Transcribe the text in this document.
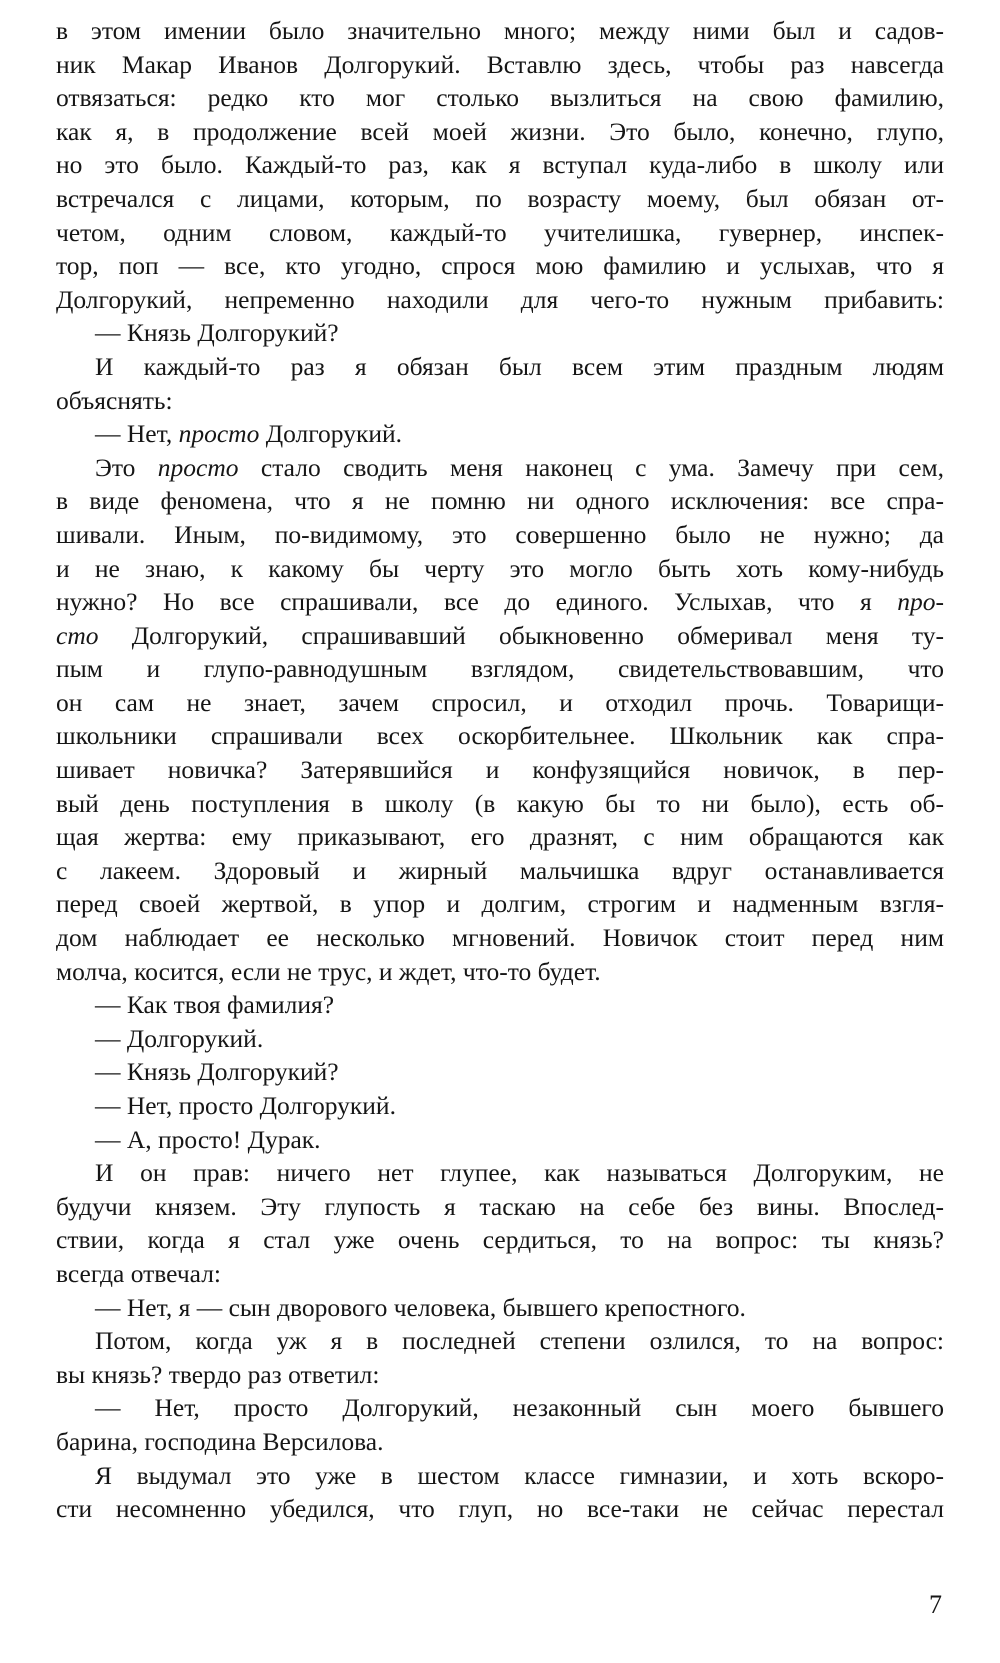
в этом имении было значительно много; между ними был и садов-
ник Макар Иванов Долгорукий. Вставлю здесь, чтобы раз навсегда
отвязаться: редко кто мог столько вызлиться на свою фамилию,
как я, в продолжение всей моей жизни. Это было, конечно, глупо,
но это было. Каждый-то раз, как я вступал куда-либо в школу или
встречался с лицами, которым, по возрасту моему, был обязан от-
четом, одним словом, каждый-то учителишка, гувернер, инспек-
тор, поп — все, кто угодно, спрося мою фамилию и услыхав, что я
Долгорукий, непременно находили для чего-то нужным прибавить:
— Князь Долгорукий?
И каждый-то раз я обязан был всем этим праздным людям
объяснять:
— Нет, просто Долгорукий.
Это просто стало сводить меня наконец с ума. Замечу при сем,
в виде феномена, что я не помню ни одного исключения: все спра-
шивали. Иным, по-видимому, это совершенно было не нужно; да
и не знаю, к какому бы черту это могло быть хоть кому-нибудь
нужно? Но все спрашивали, все до единого. Услыхав, что я про-
сто Долгорукий, спрашивавший обыкновенно обмеривал меня ту-
пым и глупо-равнодушным взглядом, свидетельствовавшим, что
он сам не знает, зачем спросил, и отходил прочь. Товарищи-
школьники спрашивали всех оскорбительнее. Школьник как спра-
шивает новичка? Затерявшийся и конфузящийся новичок, в пер-
вый день поступления в школу (в какую бы то ни было), есть об-
щая жертва: ему приказывают, его дразнят, с ним обращаются как
с лакеем. Здоровый и жирный мальчишка вдруг останавливается
перед своей жертвой, в упор и долгим, строгим и надменным взгля-
дом наблюдает ее несколько мгновений. Новичок стоит перед ним
молча, косится, если не трус, и ждет, что-то будет.
— Как твоя фамилия?
— Долгорукий.
— Князь Долгорукий?
— Нет, просто Долгорукий.
— А, просто! Дурак.
И он прав: ничего нет глупее, как называться Долгоруким, не
будучи князем. Эту глупость я таскаю на себе без вины. Впослед-
ствии, когда я стал уже очень сердиться, то на вопрос: ты князь?
всегда отвечал:
— Нет, я — сын дворового человека, бывшего крепостного.
Потом, когда уж я в последней степени озлился, то на вопрос:
вы князь? твердо раз ответил:
— Нет, просто Долгорукий, незаконный сын моего бывшего
барина, господина Версилова.
Я выдумал это уже в шестом классе гимназии, и хоть вскоро-
сти несомненно убедился, что глуп, но все-таки не сейчас перестал
7
